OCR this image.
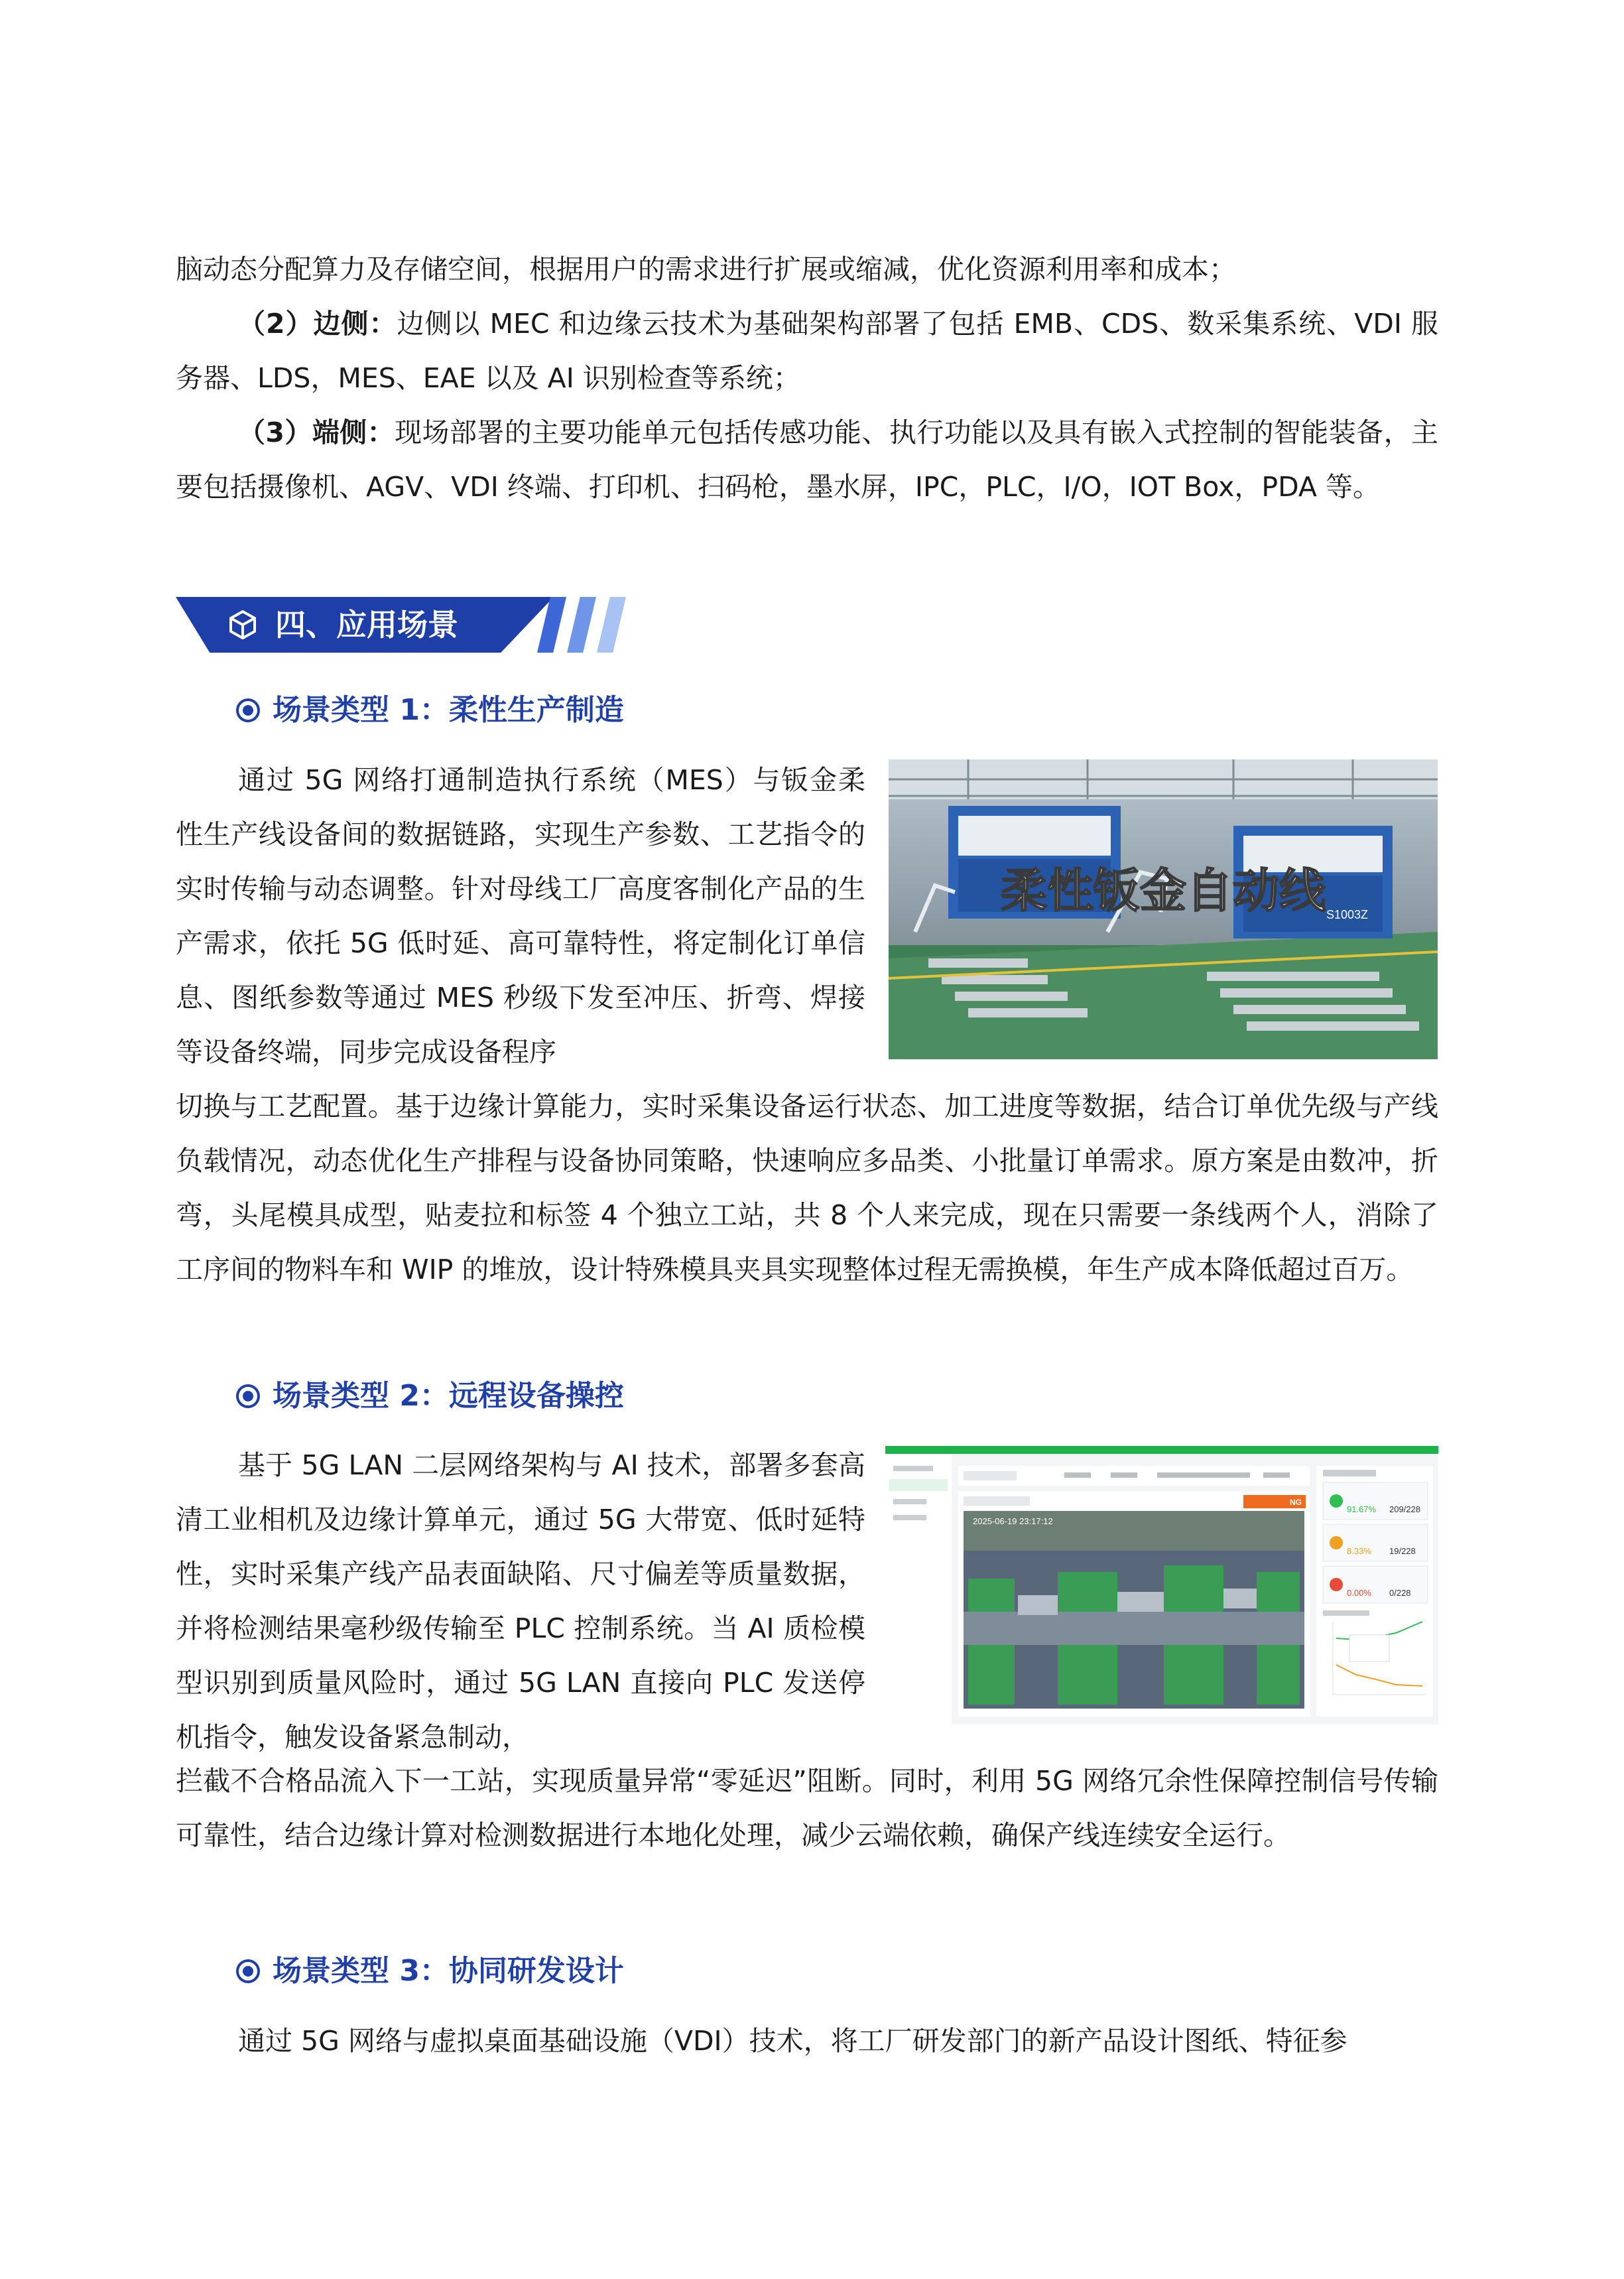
脑动态分配算力及存储空间，根据用户的需求进行扩展或缩减，优化资源利用率和成本；

（2）边侧：边侧以 MEC 和边缘云技术为基础架构部署了包括 EMB、CDS、数采集系统、VDI 服务器、LDS，MES、EAE 以及 AI 识别检查等系统；

（3）端侧：现场部署的主要功能单元包括传感功能、执行功能以及具有嵌入式控制的智能装备，主要包括摄像机、AGV、VDI 终端、打印机、扫码枪，墨水屏，IPC，PLC，I/O，IOT Box，PDA 等。

四、应用场景
场景类型 1：柔性生产制造

通过 5G 网络打通制造执行系统（MES）与钣金柔性生产线设备间的数据链路，实现生产参数、工艺指令的实时传输与动态调整。针对母线工厂高度客制化产品的生产需求，依托 5G 低时延、高可靠特性，将定制化订单信息、图纸参数等通过 MES 秒级下发至冲压、折弯、焊接等设备终端，同步完成设备程序

S1003Z
柔性钣金自动线

切换与工艺配置。基于边缘计算能力，实时采集设备运行状态、加工进度等数据，结合订单优先级与产线负载情况，动态优化生产排程与设备协同策略，快速响应多品类、小批量订单需求。原方案是由数冲，折弯，头尾模具成型，贴麦拉和标签 4 个独立工站，共 8 个人来完成，现在只需要一条线两个人，消除了工序间的物料车和 WIP 的堆放，设计特殊模具夹具实现整体过程无需换模，年生产成本降低超过百万。

场景类型 2：远程设备操控

基于 5G LAN 二层网络架构与 AI 技术，部署多套高清工业相机及边缘计算单元，通过 5G 大带宽、低时延特性，实时采集产线产品表面缺陷、尺寸偏差等质量数据，并将检测结果毫秒级传输至 PLC 控制系统。当 AI 质检模型识别到质量风险时，通过 5G LAN 直接向 PLC 发送停机指令，触发设备紧急制动，

NG
2025-06-19 23:17:12
91.67% 209/228
8.33% 19/228
0.00% 0/228

拦截不合格品流入下一工站，实现质量异常“零延迟”阻断。同时，利用 5G 网络冗余性保障控制信号传输可靠性，结合边缘计算对检测数据进行本地化处理，减少云端依赖，确保产线连续安全运行。

场景类型 3：协同研发设计

通过 5G 网络与虚拟桌面基础设施（VDI）技术，将工厂研发部门的新产品设计图纸、特征参
